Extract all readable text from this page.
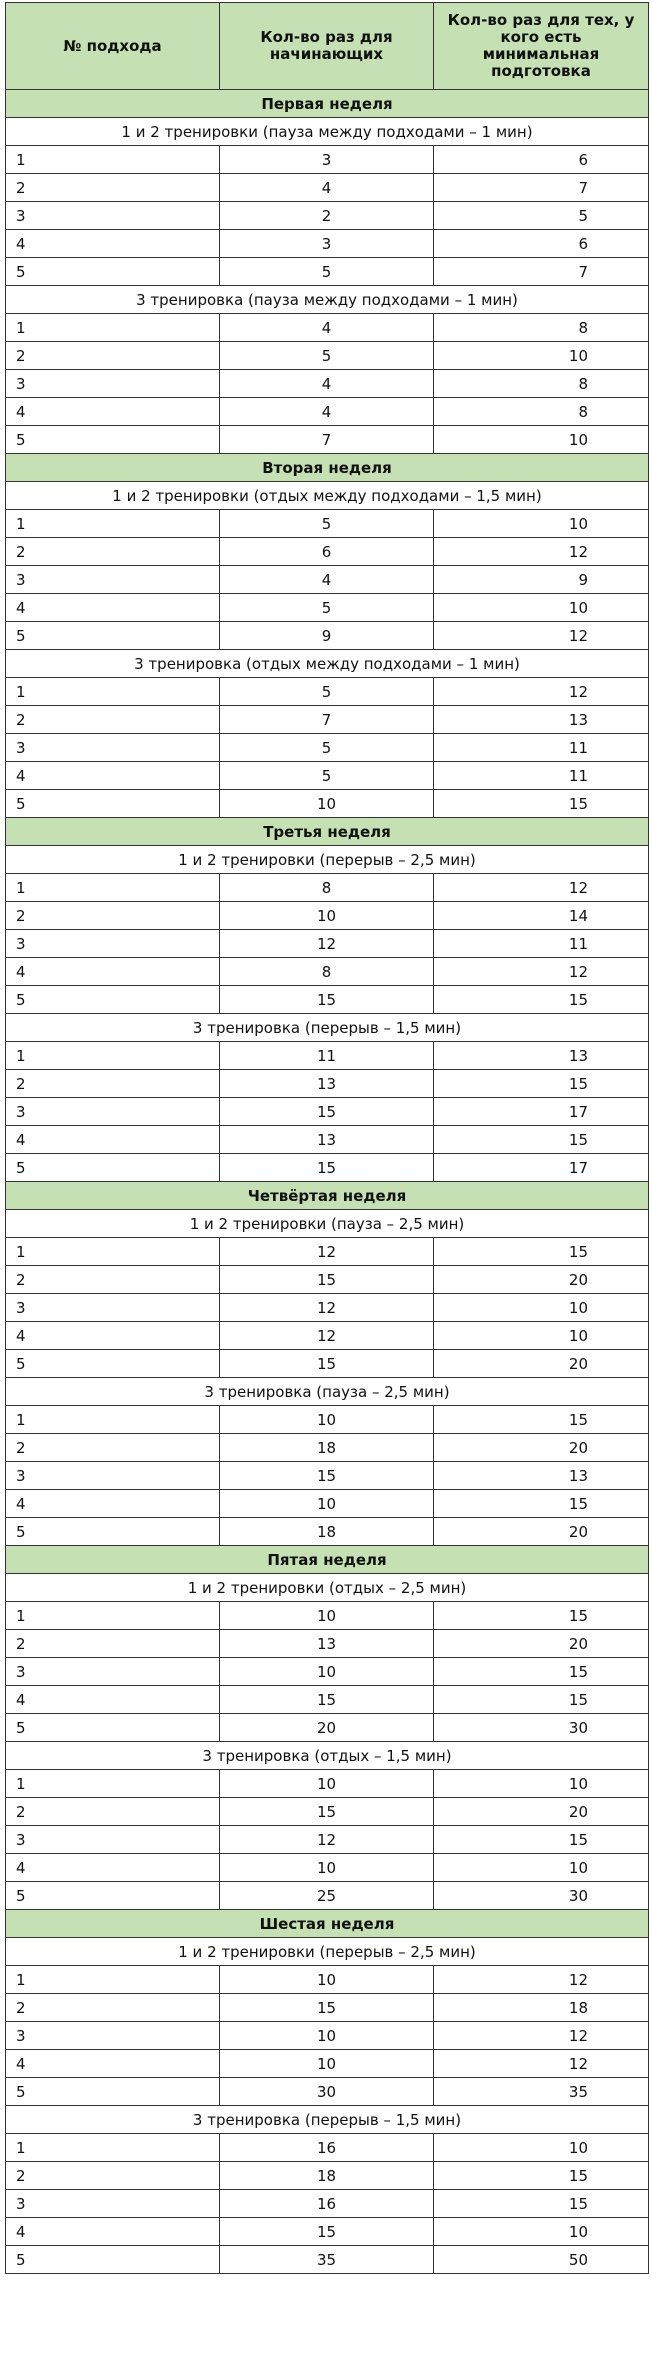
№ подхода	Кол-во раз для начинающих	Кол-во раз для тех, у кого есть минимальная подготовка
Первая неделя		
1 и 2 тренировки (пауза между подходами – 1 мин)		
1	3	6
2	4	7
3	2	5
4	3	6
5	5	7
3 тренировка (пауза между подходами – 1 мин)		
1	4	8
2	5	10
3	4	8
4	4	8
5	7	10
Вторая неделя		
1 и 2 тренировки (отдых между подходами – 1,5 мин)		
1	5	10
2	6	12
3	4	9
4	5	10
5	9	12
3 тренировка (отдых между подходами – 1 мин)		
1	5	12
2	7	13
3	5	11
4	5	11
5	10	15
Третья неделя		
1 и 2 тренировки (перерыв – 2,5 мин)		
1	8	12
2	10	14
3	12	11
4	8	12
5	15	15
3 тренировка (перерыв – 1,5 мин)		
1	11	13
2	13	15
3	15	17
4	13	15
5	15	17
Четвёртая неделя		
1 и 2 тренировки (пауза – 2,5 мин)		
1	12	15
2	15	20
3	12	10
4	12	10
5	15	20
3 тренировка (пауза – 2,5 мин)		
1	10	15
2	18	20
3	15	13
4	10	15
5	18	20
Пятая неделя		
1 и 2 тренировки (отдых – 2,5 мин)		
1	10	15
2	13	20
3	10	15
4	15	15
5	20	30
3 тренировка (отдых – 1,5 мин)		
1	10	10
2	15	20
3	12	15
4	10	10
5	25	30
Шестая неделя		
1 и 2 тренировки (перерыв – 2,5 мин)		
1	10	12
2	15	18
3	10	12
4	10	12
5	30	35
3 тренировка (перерыв – 1,5 мин)		
1	16	10
2	18	15
3	16	15
4	15	10
5	35	50
